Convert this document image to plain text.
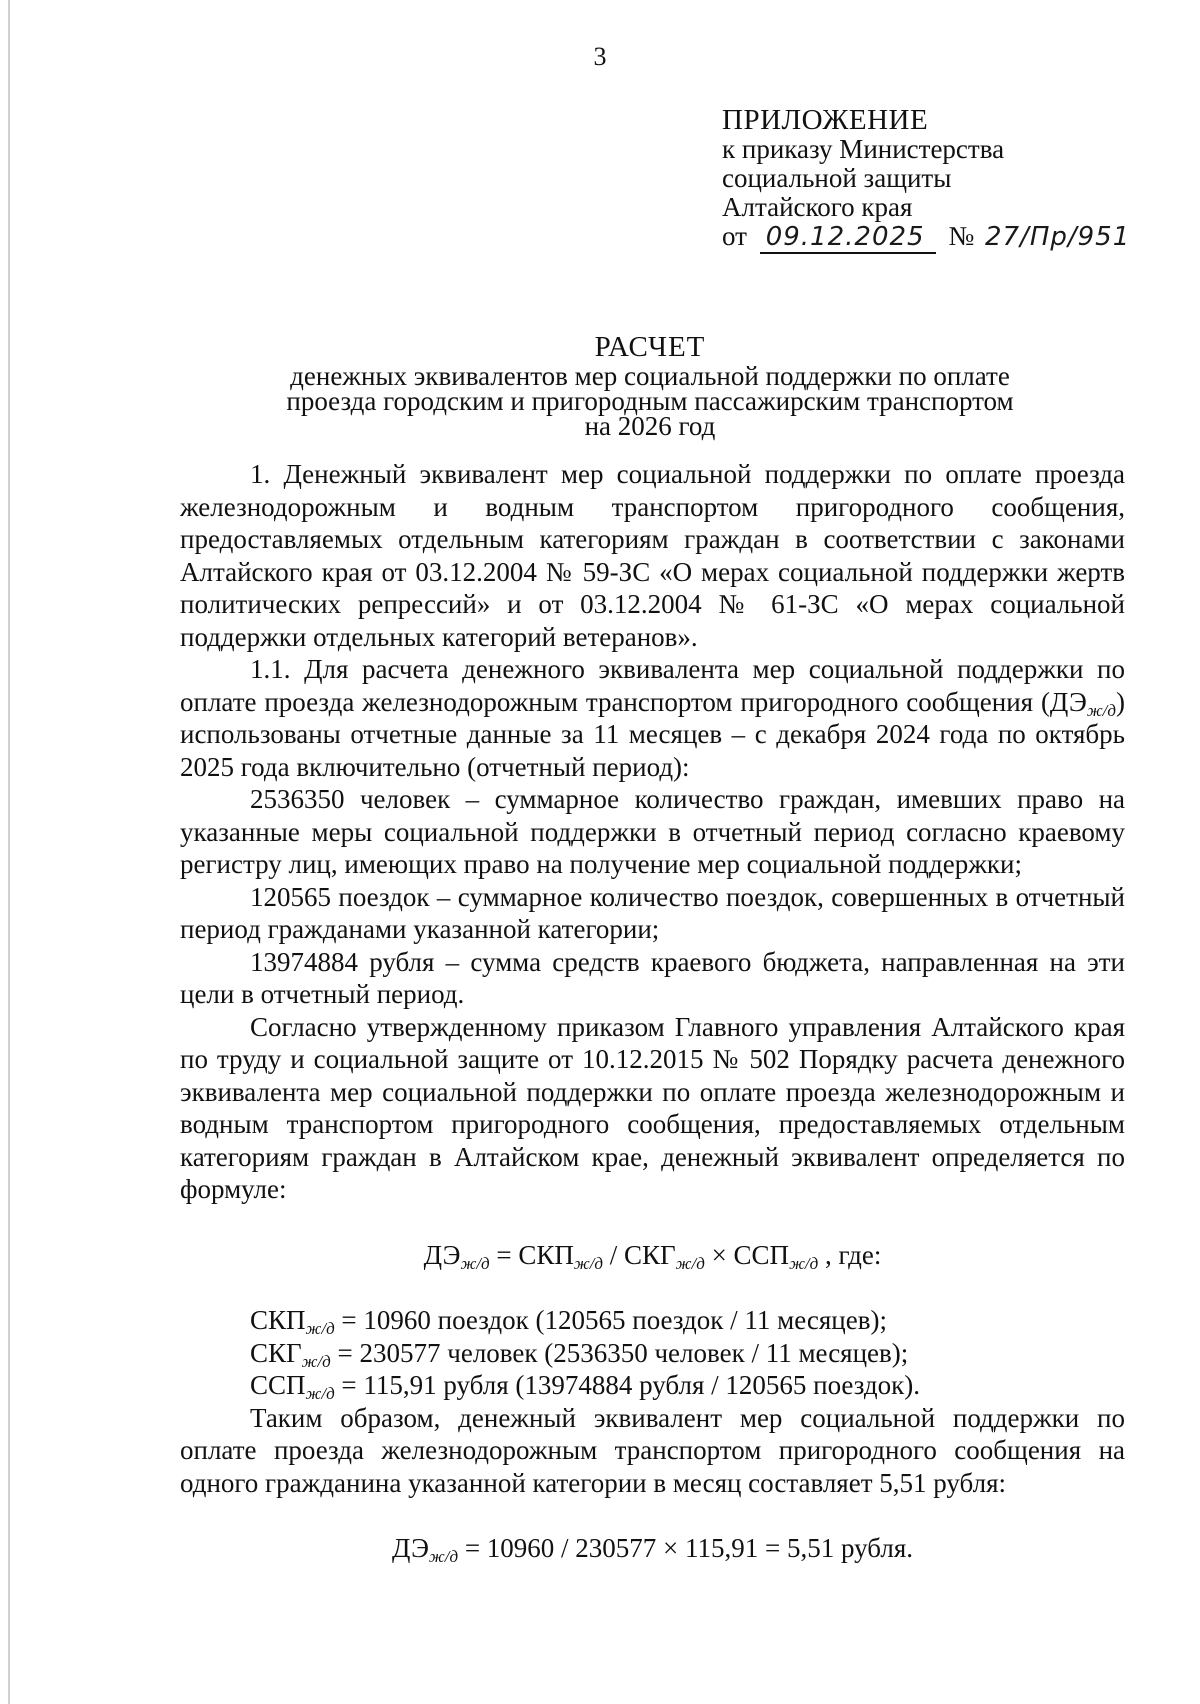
3
ПРИЛОЖЕНИЕ
к приказу Министерства
социальной защиты
Алтайского края
от 09.12.2025 № 27/Пр/951
РАСЧЕТ
денежных эквивалентов мер социальной поддержки по оплате
проезда городским и пригородным пассажирским транспортом
на 2026 год

1. Денежный эквивалент мер социальной поддержки по оплате проезда железнодорожным и водным транспортом пригородного сообщения, предоставляемых отдельным категориям граждан в соответствии с законами Алтайского края от 03.12.2004 № 59-ЗС «О мерах социальной поддержки жертв политических репрессий» и от 03.12.2004 № 61-ЗС «О мерах социальной поддержки отдельных категорий ветеранов».

1.1. Для расчета денежного эквивалента мер социальной поддержки по оплате проезда железнодорожным транспортом пригородного сообщения $(ДЭ_{ж/д})$ использованы отчетные данные за 11 месяцев – с декабря 2024 года по октябрь 2025 года включительно (отчетный период):

2536350 человек – суммарное количество граждан, имевших право на указанные меры социальной поддержки в отчетный период согласно краевому регистру лиц, имеющих право на получение мер социальной поддержки;

120565 поездок – суммарное количество поездок, совершенных в отчетный период гражданами указанной категории;

13974884 рубля – сумма средств краевого бюджета, направленная на эти цели в отчетный период.

Согласно утвержденному приказом Главного управления Алтайского края по труду и социальной защите от 10.12.2015 № 502 Порядку расчета денежного эквивалента мер социальной поддержки по оплате проезда железнодорожным и водным транспортом пригородного сообщения, предоставляемых отдельным категориям граждан в Алтайском крае, денежный эквивалент определяется по формуле:

$ДЭ_{ж/д} = СКП_{ж/д} / СКГ_{ж/д} \times ССП_{ж/д}$ , где:

$СКП_{ж/д} = 10960$ поездок (120565 поездок / 11 месяцев);

$СКГ_{ж/д} = 230577$ человек (2536350 человек / 11 месяцев);

$ССП_{ж/д} = 115,91$ рубля (13974884 рубля / 120565 поездок).

Таким образом, денежный эквивалент мер социальной поддержки по оплате проезда железнодорожным транспортом пригородного сообщения на одного гражданина указанной категории в месяц составляет 5,51 рубля:

$ДЭ_{ж/д} = 10960 / 230577 \times 115,91 = 5,51$ рубля.
